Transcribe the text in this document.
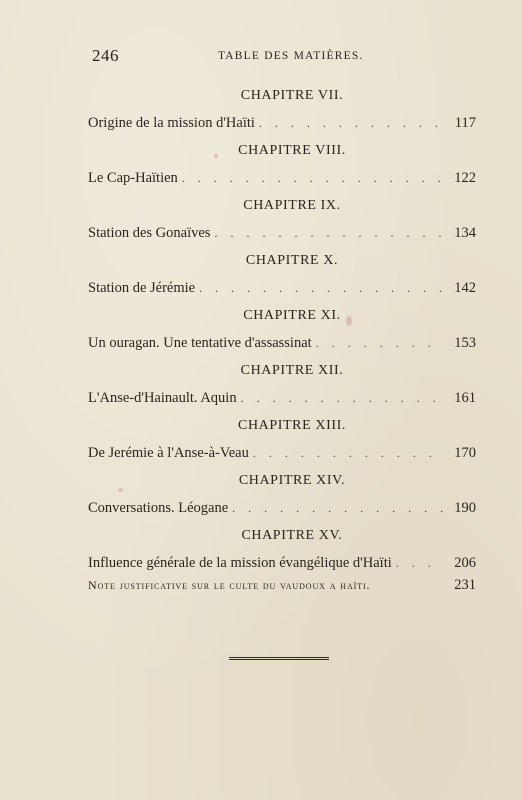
246	TABLE DES MATIÈRES.
CHAPITRE VII.
Origine de la mission d'Haïti . . .	117
CHAPITRE VIII.
Le Cap-Haïtien . . .	122
CHAPITRE IX.
Station des Gonaïves . . .	134
CHAPITRE X.
Station de Jérémie . . .	142
CHAPITRE XI.
Un ouragan. Une tentative d'assassinat . . .	153
CHAPITRE XII.
L'Anse-d'Hainault. Aquin . . .	161
CHAPITRE XIII.
De Jerémie à l'Anse-à-Veau . . .	170
CHAPITRE XIV.
Conversations. Léogane . . .	190
CHAPITRE XV.
Influence générale de la mission évangélique d'Haïti . . .	206
Note justificative sur le culte du vaudoux a haïti.	231
